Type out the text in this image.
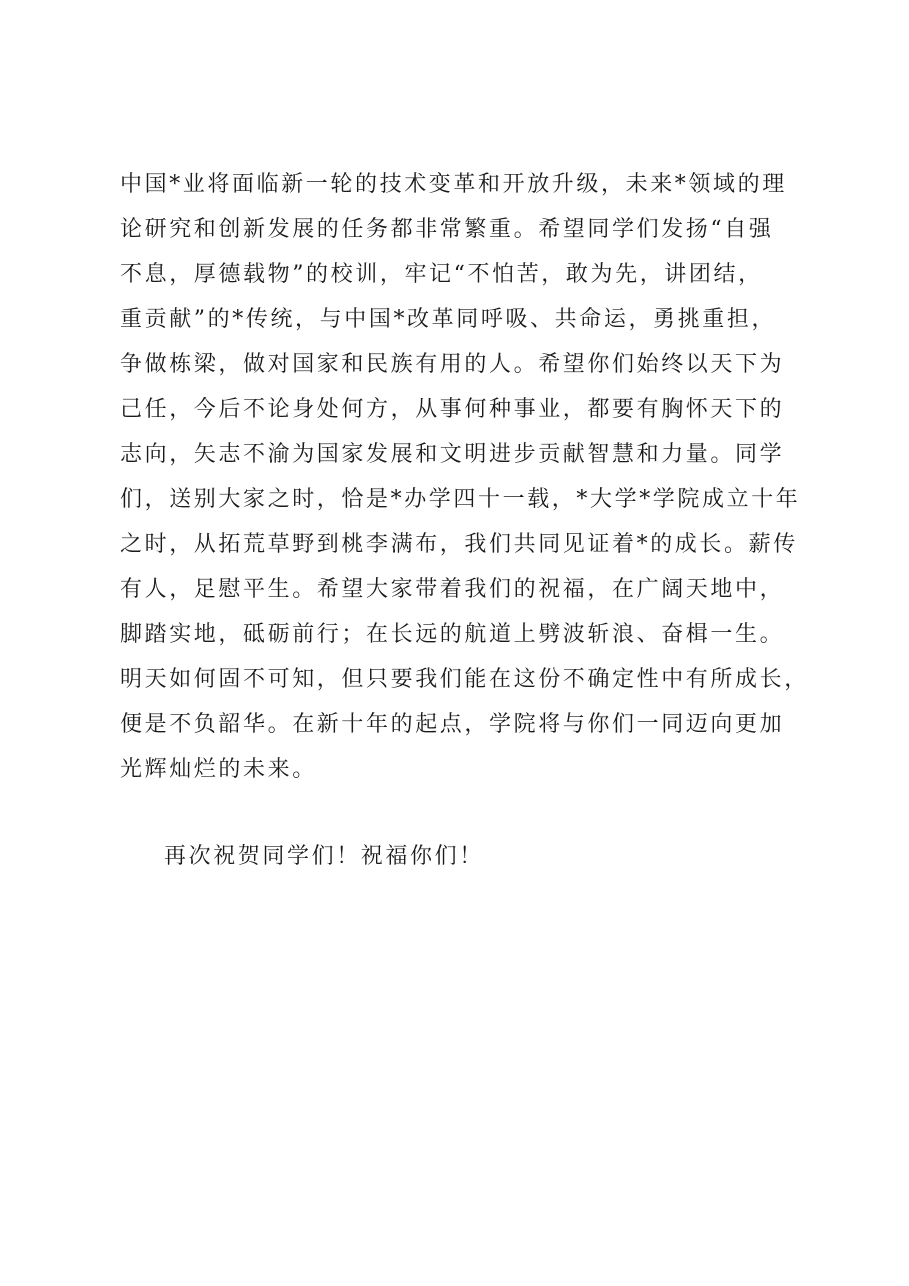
中国*业将面临新一轮的技术变革和开放升级，未来*领域的理
论研究和创新发展的任务都非常繁重。希望同学们发扬“自强
不息，厚德载物”的校训，牢记“不怕苦，敢为先，讲团结，
重贡献”的*传统，与中国*改革同呼吸、共命运，勇挑重担，
争做栋梁，做对国家和民族有用的人。希望你们始终以天下为
己任，今后不论身处何方，从事何种事业，都要有胸怀天下的
志向，矢志不渝为国家发展和文明进步贡献智慧和力量。同学
们，送别大家之时，恰是*办学四十一载，*大学*学院成立十年
之时，从拓荒草野到桃李满布，我们共同见证着*的成长。薪传
有人，足慰平生。希望大家带着我们的祝福，在广阔天地中，
脚踏实地，砥砺前行；在长远的航道上劈波斩浪、奋楫一生。
明天如何固不可知，但只要我们能在这份不确定性中有所成长，
便是不负韶华。在新十年的起点，学院将与你们一同迈向更加
光辉灿烂的未来。
再次祝贺同学们！祝福你们！
